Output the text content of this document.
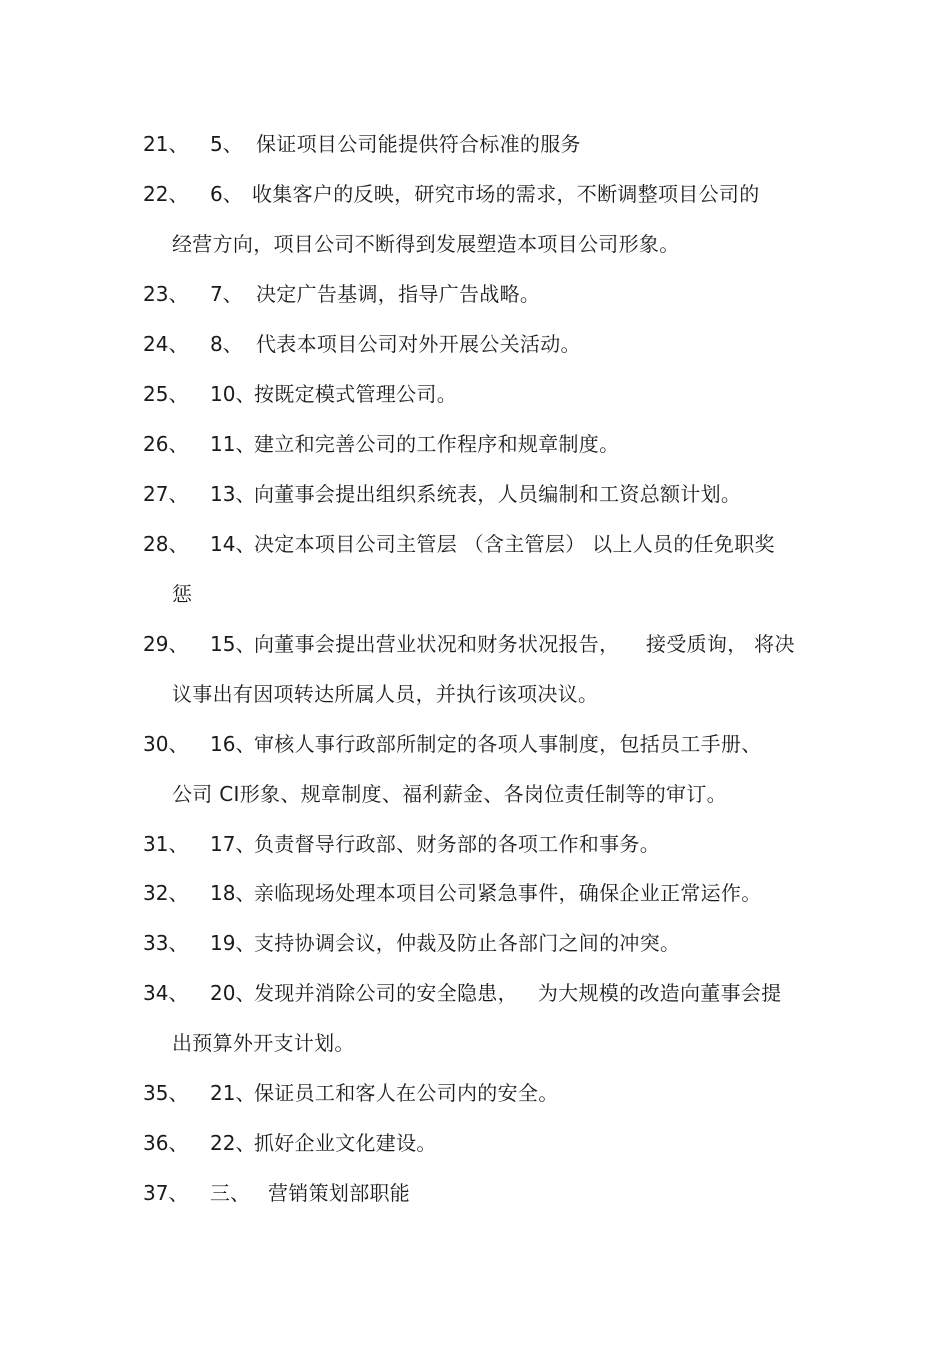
21、 5、 保证项目公司能提供符合标准的服务
22、 6、 收集客户的反映，研究市场的需求，不断调整项目公司的
经营方向，项目公司不断得到发展塑造本项目公司形象。
23、 7、 决定广告基调，指导广告战略。
24、 8、 代表本项目公司对外开展公关活动。
25、 10、
按既定模式管理公司。
26、 11、
建立和完善公司的工作程序和规章制度。
27、 13、
向董事会提出组织系统表，人员编制和工资总额计划。
28、 14、
决定本项目公司主管层 （含主管层） 以上人员的任免职奖
惩
29、 15、
向董事会提出营业状况和财务状况报告，    接受质询， 将决
议事出有因项转达所属人员，并执行该项决议。
30、 16、
审核人事行政部所制定的各项人事制度，包括员工手册、
公司 CI形象、规章制度、福利薪金、各岗位责任制等的审订。
31、 17、
负责督导行政部、财务部的各项工作和事务。
32、 18、
亲临现场处理本项目公司紧急事件，确保企业正常运作。
33、 19、
支持协调会议，仲裁及防止各部门之间的冲突。
34、 20、
发现并消除公司的安全隐患，   为大规模的改造向董事会提
出预算外开支计划。
35、 21、
保证员工和客人在公司内的安全。
36、 22、
抓好企业文化建设。
37、 三、 营销策划部职能
